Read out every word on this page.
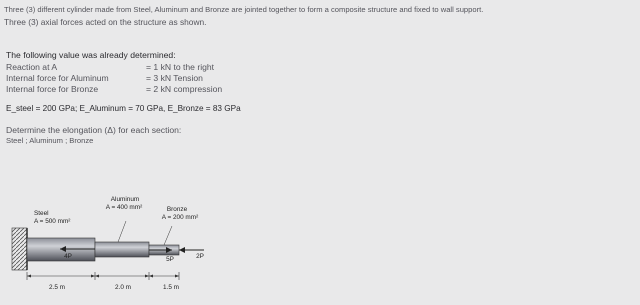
Three (3) different cylinder made from Steel, Aluminum and Bronze are jointed together to form a composite structure and fixed to wall support.
Three (3) axial forces acted on the structure as shown.
The following value was already determined:
Reaction at A	= 1 kN to the right
Internal force for Aluminum	= 3 kN Tension
Internal force for Bronze	= 2 kN compression
E_steel = 200 GPa; E_Aluminum = 70 GPa, E_Bronze = 83 GPa
Determine the elongation (Δ) for each section:
Steel ; Aluminum ; Bronze
Aluminum
A = 400 mm²	Bronze
A = 200 mm²
Steel
A = 500 mm²
4P	5P	2P
2.5 m	2.0 m	1.5 m
